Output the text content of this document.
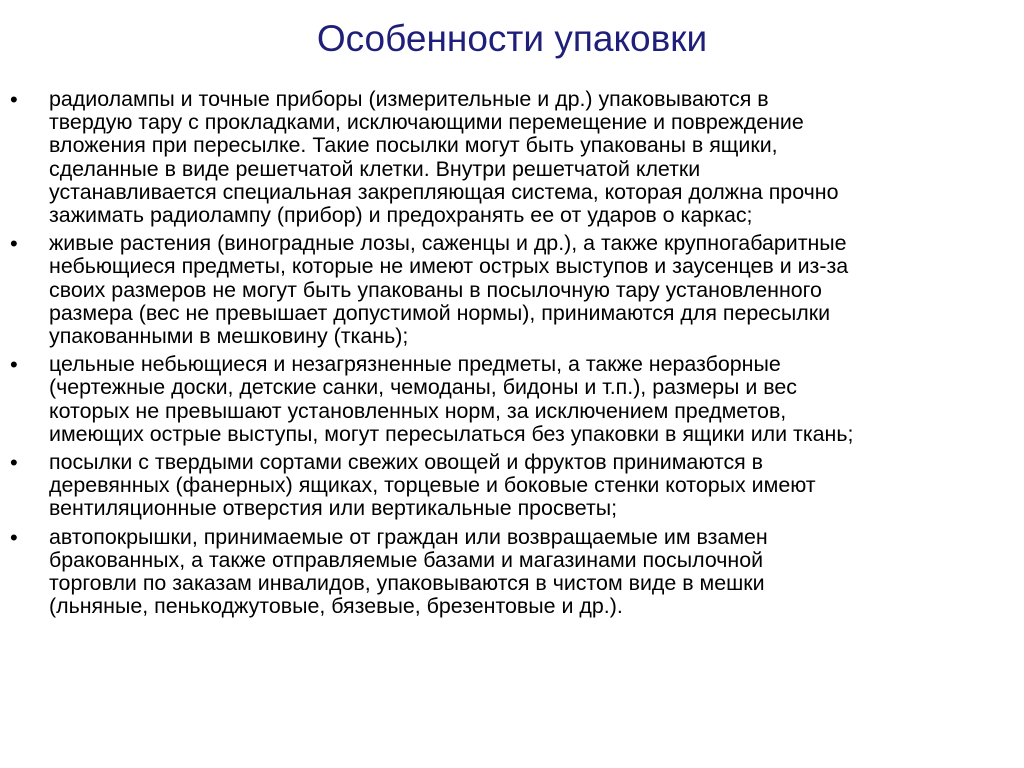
Особенности упаковки
•	радиолампы и точные приборы (измерительные и др.) упаковываются в
твердую тару с прокладками, исключающими перемещение и повреждение
вложения при пересылке. Такие посылки могут быть упакованы в ящики,
сделанные в виде решетчатой клетки. Внутри решетчатой клетки
устанавливается специальная закрепляющая система, которая должна прочно
зажимать радиолампу (прибор) и предохранять ее от ударов о каркас;
•	живые растения (виноградные лозы, саженцы и др.), а также крупногабаритные
небьющиеся предметы, которые не имеют острых выступов и заусенцев и из-за
своих размеров не могут быть упакованы в посылочную тару установленного
размера (вес не превышает допустимой нормы), принимаются для пересылки
упакованными в мешковину (ткань);
•	цельные небьющиеся и незагрязненные предметы, а также неразборные
(чертежные доски, детские санки, чемоданы, бидоны и т.п.), размеры и вес
которых не превышают установленных норм, за исключением предметов,
имеющих острые выступы, могут пересылаться без упаковки в ящики или ткань;
•	посылки с твердыми сортами свежих овощей и фруктов принимаются в
деревянных (фанерных) ящиках, торцевые и боковые стенки которых имеют
вентиляционные отверстия или вертикальные просветы;
•	автопокрышки, принимаемые от граждан или возвращаемые им взамен
бракованных, а также отправляемые базами и магазинами посылочной
торговли по заказам инвалидов, упаковываются в чистом виде в мешки
(льняные, пенькоджутовые, бязевые, брезентовые и др.).
